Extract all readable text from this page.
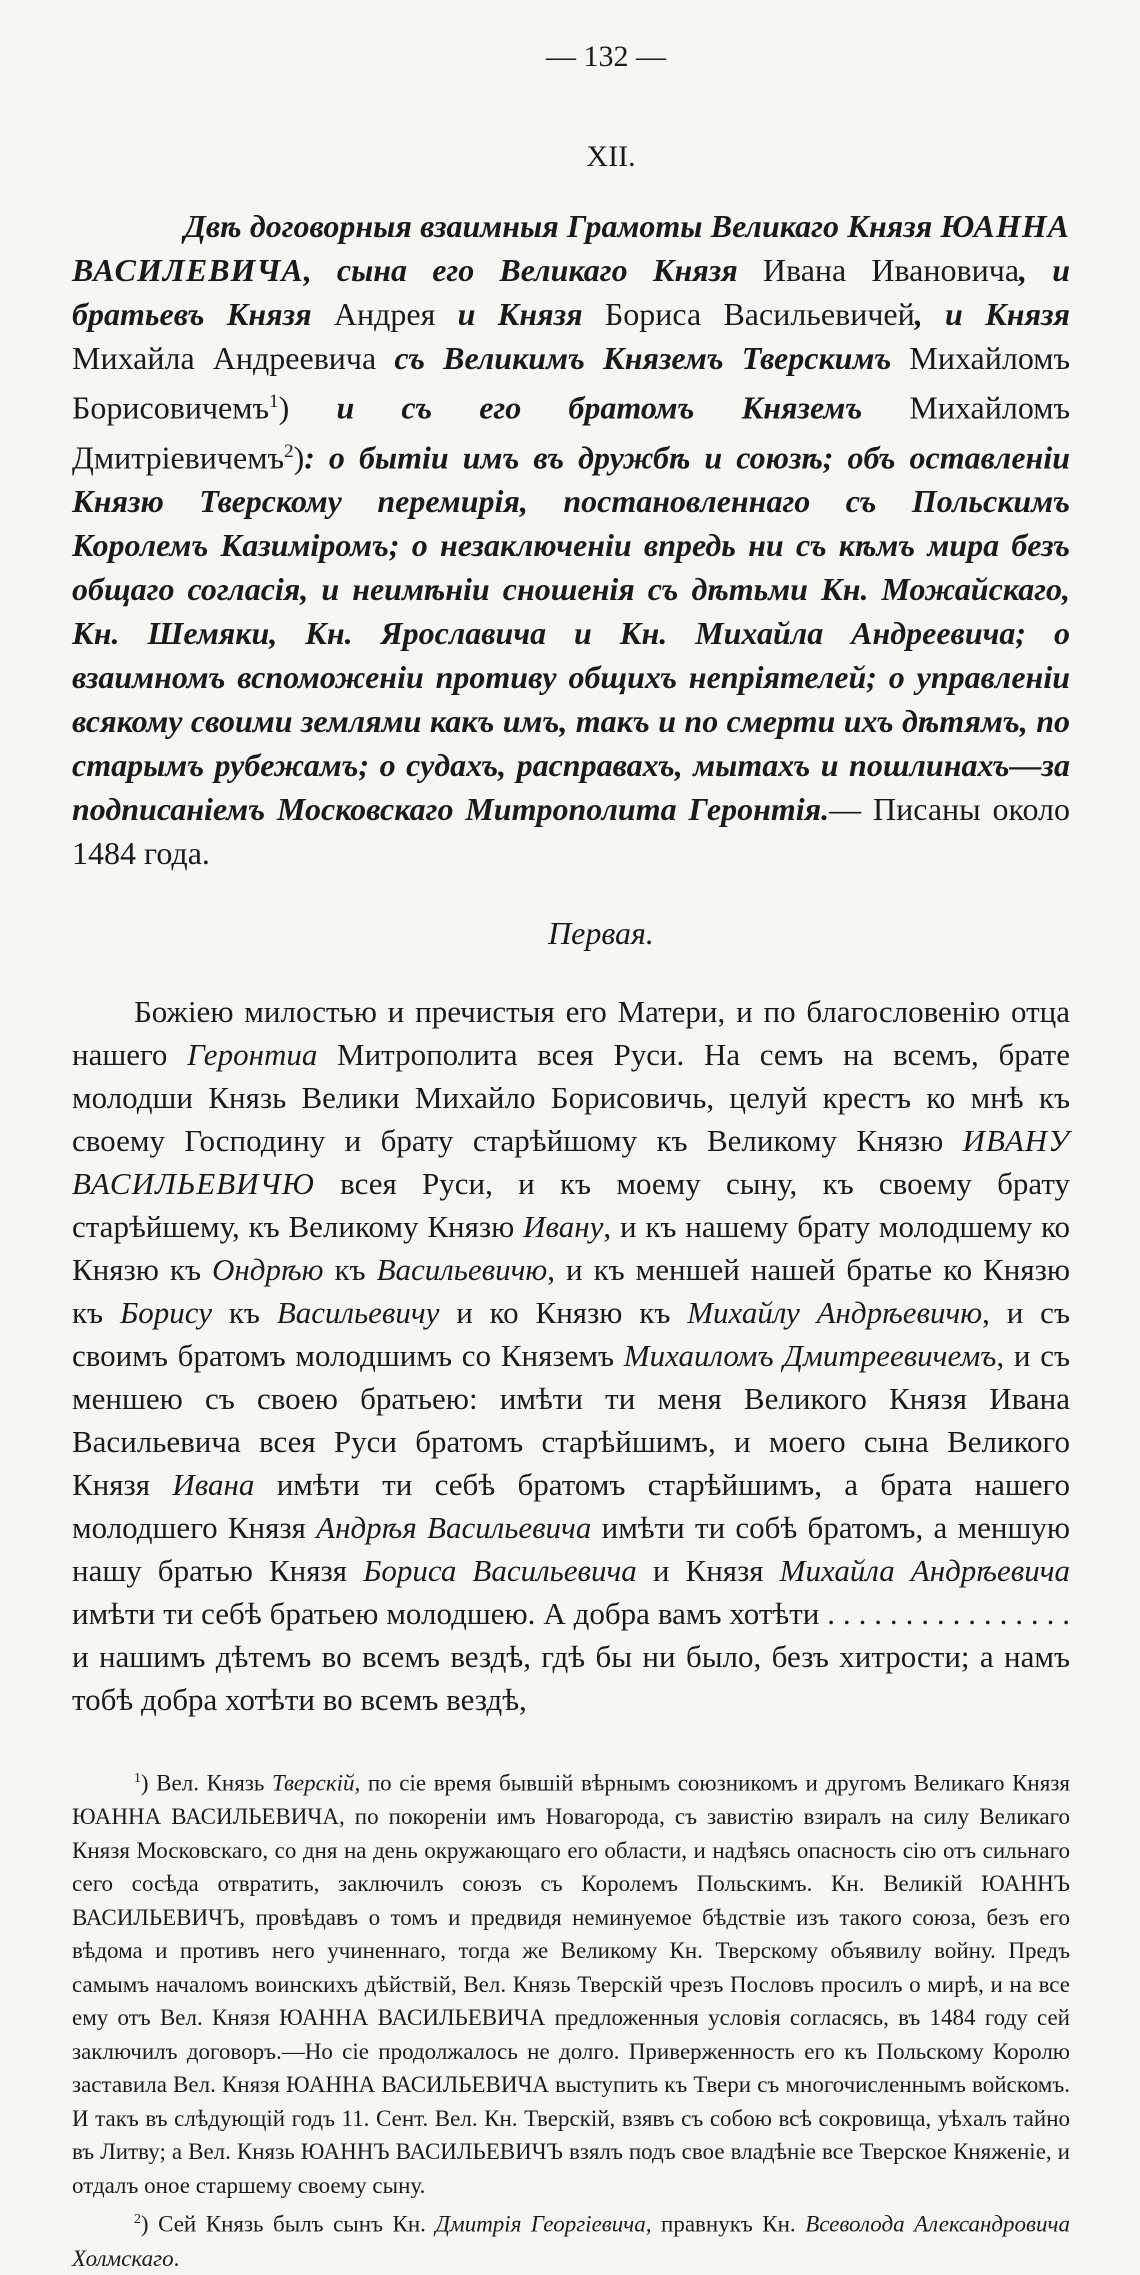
— 132 —
XII.
Двѣ договорныя взаимныя Грамоты Великаго Князя ЮАННА ВАСИЛЕВИЧА, сына его Великаго Князя Ивана Ивановича, и братьевъ Князя Андрея и Князя Бориса Васильевичей, и Князя Михайла Андреевича съ Великимъ Княземъ Тверскимъ Михайломъ Борисовичемъ$^1$) и съ его братомъ Княземъ Михайломъ Дмитріевичемъ$^2$): о бытіи имъ въ дружбѣ и союзѣ; объ оставленіи Князю Тверскому перемирія, постановленнаго съ Польскимъ Королемъ Казиміромъ; о незаключеніи впредь ни съ кѣмъ мира безъ общаго согласія, и неимѣніи сношенія съ дѣтьми Кн. Можайскаго, Кн. Шемяки, Кн. Ярославича и Кн. Михайла Андреевича; о взаимномъ вспоможеніи противу общихъ непріятелей; о управленіи всякому своими землями какъ имъ, такъ и по смерти ихъ дѣтямъ, по старымъ рубежамъ; о судахъ, расправахъ, мытахъ и пошлинахъ—за подписаніемъ Московскаго Митрополита Геронтія.— Писаны около 1484 года.
Первая.
Божіею милостью и пречистыя его Матери, и по благословенію отца нашего Геронтиа Митрополита всея Руси. На семъ на всемъ, брате молодши Князь Велики Михайло Борисовичь, целуй крестъ ко мнѣ къ своему Господину и брату старѣйшому къ Великому Князю ИВАНУ ВАСИЛЬЕВИЧЮ всея Руси, и къ моему сыну, къ своему брату старѣйшему, къ Великому Князю Ивану, и къ нашему брату молодшему ко Князю къ Ондрѣю къ Васильевичю, и къ меншей нашей братье ко Князю къ Борису къ Васильевичу и ко Князю къ Михайлу Андрѣевичю, и съ своимъ братомъ молодшимъ со Княземъ Михаиломъ Дмитреевичемъ, и съ меншею съ своею братьею: имѣти ти меня Великого Князя Ивана Васильевича всея Руси братомъ старѣйшимъ, и моего сына Великого Князя Ивана имѣти ти себѣ братомъ старѣйшимъ, а брата нашего молодшего Князя Андрѣя Васильевича имѣти ти собѣ братомъ, а меншую нашу братью Князя Бориса Васильевича и Князя Михайла Андрѣевича имѣти ти себѣ братьею молодшею. А добра вамъ хотѣти . . . . . . . . . . . . . . . . и нашимъ дѣтемъ во всемъ вездѣ, гдѣ бы ни было, безъ хитрости; а намъ тобѣ добра хотѣти во всемъ вездѣ,

$^1$) Вел. Князь Тверскій, по сіе время бывшій вѣрнымъ союзникомъ и другомъ Великаго Князя ЮАННА ВАСИЛЬЕВИЧА, по покореніи имъ Новагорода, съ завистію взиралъ на силу Великаго Князя Московскаго, со дня на день окружающаго его области, и надѣясь опасность сію отъ сильнаго сего сосѣда отвратить, заключилъ союзъ съ Королемъ Польскимъ. Кн. Великій ЮАННЪ ВАСИЛЬЕВИЧЪ, провѣдавъ о томъ и предвидя неминуемое бѣдствіе изъ такого союза, безъ его вѣдома и противъ него учиненнаго, тогда же Великому Кн. Тверскому объявилу войну. Предъ самымъ началомъ воинскихъ дѣйствій, Вел. Князь Тверскій чрезъ Пословъ просилъ о мирѣ, и на все ему отъ Вел. Князя ЮАННА ВАСИЛЬЕВИЧА предложенныя условія согласясь, въ 1484 году сей заключилъ договоръ.—Но сіе продолжалось не долго. Приверженность его къ Польскому Королю заставила Вел. Князя ЮАННА ВАСИЛЬЕВИЧА выступить къ Твери съ многочисленнымъ войскомъ. И такъ въ слѣдующій годъ 11. Сент. Вел. Кн. Тверскій, взявъ съ собою всѣ сокровища, уѣхалъ тайно въ Литву; а Вел. Князь ЮАННЪ ВАСИЛЬЕВИЧЪ взялъ подъ свое владѣніе все Тверское Княженіе, и отдалъ оное старшему своему сыну.

$^2$) Сей Князь былъ сынъ Кн. Дмитрія Георгіевича, правнукъ Кн. Всеволода Александровича Холмскаго.
